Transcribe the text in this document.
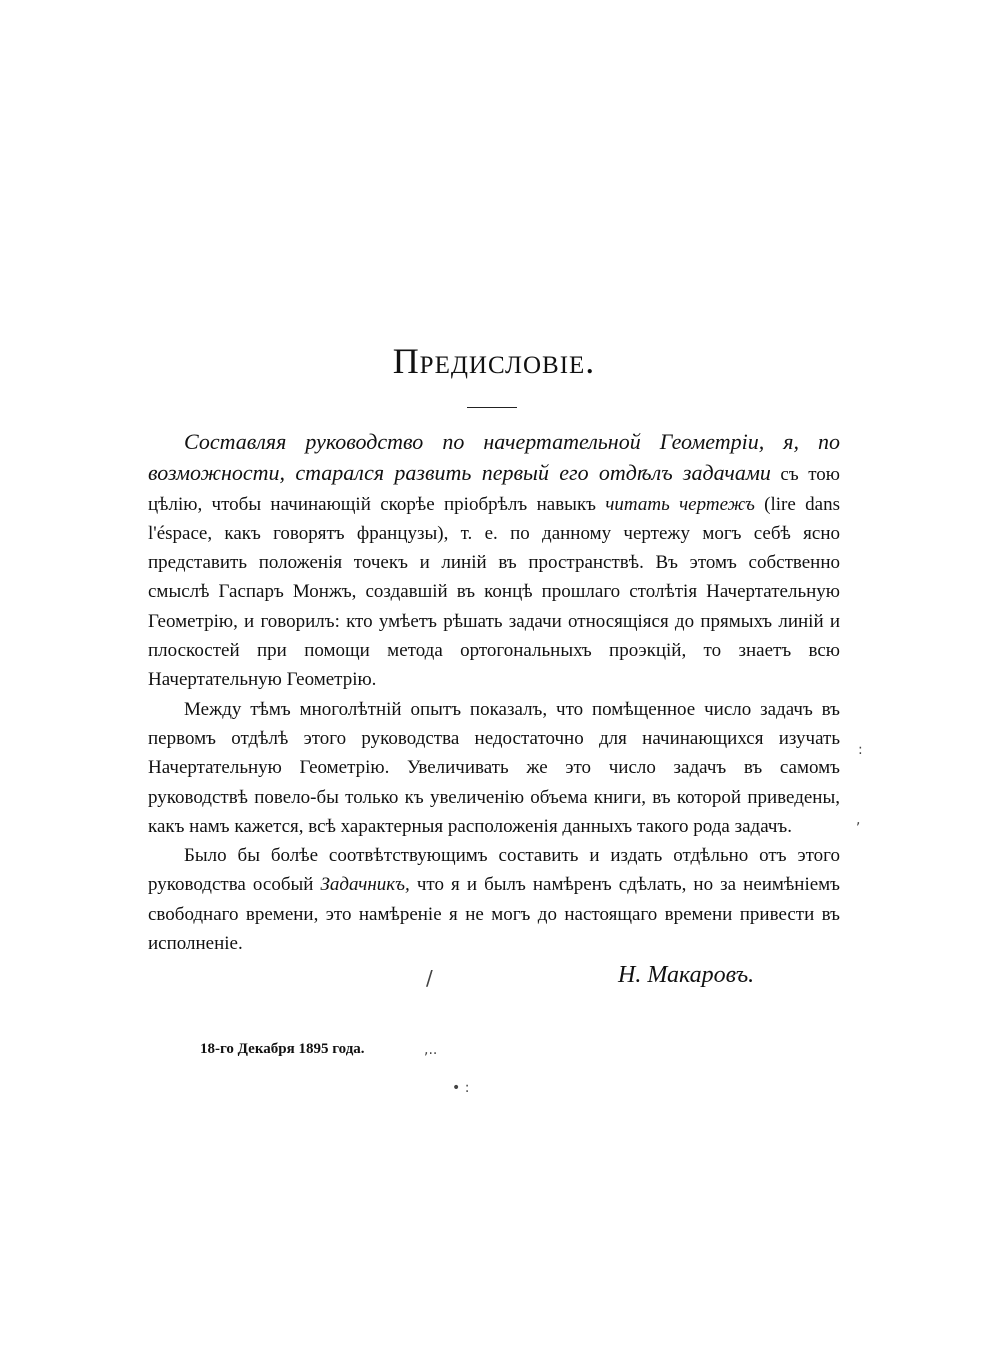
Предисловіе.

Составляя руководство по начертательной Геометріи, я, по возможности, старался развить первый его отдѣлъ задачами съ тою цѣлію, чтобы начинающій скорѣе пріобрѣлъ навыкъ читать чертежъ (lire dans l'éspace, какъ говорятъ французы), т. е. по данному чертежу могъ себѣ ясно представить положенія точекъ и линій въ пространствѣ. Въ этомъ собственно смыслѣ Гаспаръ Монжъ, создавшій въ концѣ прошлаго столѣтія Начертательную Геометрію, и говорилъ: кто умѣетъ рѣшать задачи относящіяся до прямыхъ линій и плоскостей при помощи метода ортогональныхъ проэкцій, то знаетъ всю Начертательную Геометрію.

Между тѣмъ многолѣтній опытъ показалъ, что помѣщенное число задачъ въ первомъ отдѣлѣ этого руководства недостаточно для начинающихся изучать Начертательную Геометрію. Увеличивать же это число задачъ въ самомъ руководствѣ повело-бы только къ увеличенію объема книги, въ которой приведены, какъ намъ кажется, всѣ характерныя расположенія данныхъ такого рода задачъ.

Было бы болѣе соотвѣтствующимъ составить и издать отдѣльно отъ этого руководства особый Задачникъ, что я и былъ намѣренъ сдѣлать, но за неимѣніемъ свободнаго времени, это намѣреніе я не могъ до настоящаго времени привести въ исполненіе.

/
:
,
,..
• :
Н. Макаровъ.
18-го Декабря 1895 года.
